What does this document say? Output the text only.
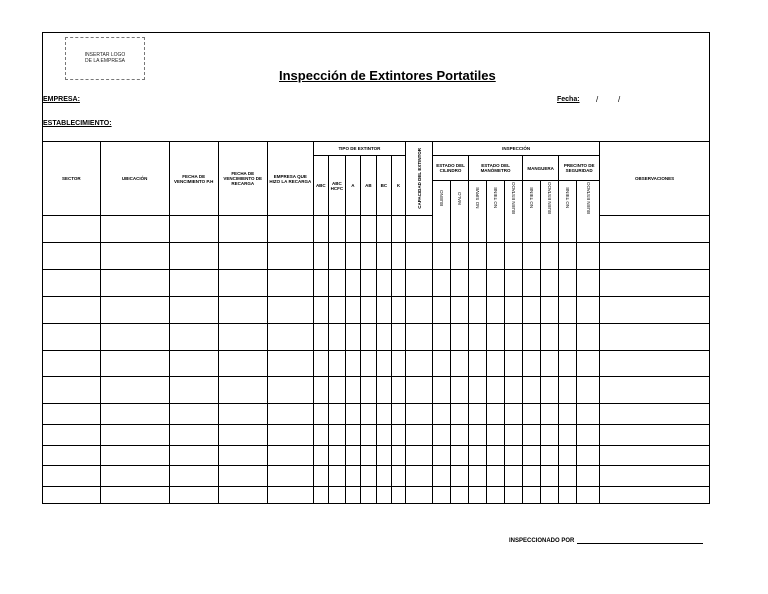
INSERTAR LOGO
DE LA EMPRESA
Inspección de Extintores Portatiles
EMPRESA:
ESTABLECIMIENTO:
Fecha: / /
SECTOR	UBICACIÓN	FECHA DE VENCIMIENTO P.H	FECHA DE VENCIMIENTO DE RECARGA	EMPRESA QUE HIZO LA RECARGA	TIPO DE EXTINTOR						CAPACIDAD DEL EXTINTOR	INSPECCIÓN									OBSERVACIONES
					ABC	ABC HCFC	A	AB	BC	K		ESTADO DEL CILINDRO		ESTADO DEL MANÓMETRO			MANGUERA		PRECINTO DE SEGURIDAD		
												BUENO	MALO	NO SIRVE	NO TIENE	BUEN ESTADO	NO TIENE	BUEN ESTADO	NO TIENE	BUEN ESTADO	

INSPECCIONADO POR
